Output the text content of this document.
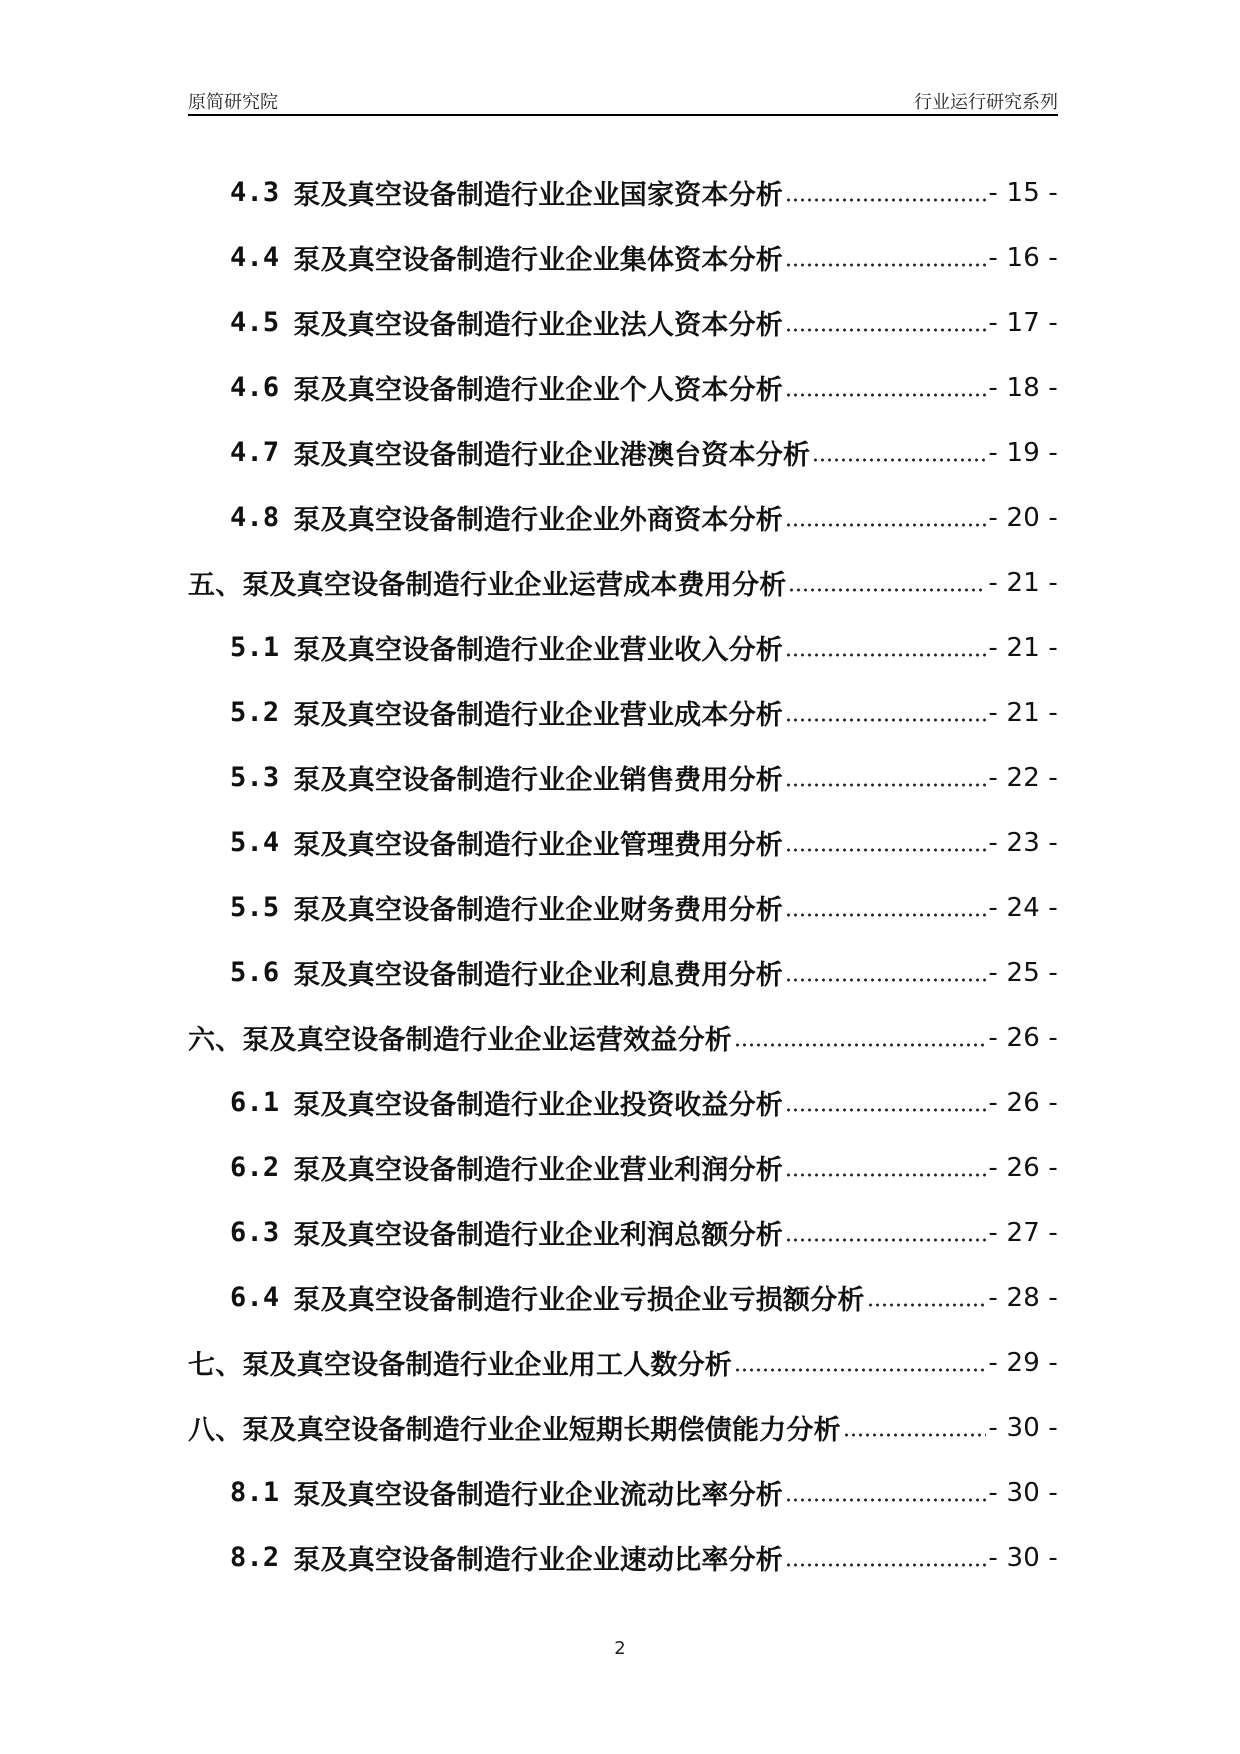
原简研究院	行业运行研究系列
4.3 泵及真空设备制造行业企业国家资本分析	- 15 -
4.4 泵及真空设备制造行业企业集体资本分析	- 16 -
4.5 泵及真空设备制造行业企业法人资本分析	- 17 -
4.6 泵及真空设备制造行业企业个人资本分析	- 18 -
4.7 泵及真空设备制造行业企业港澳台资本分析	- 19 -
4.8 泵及真空设备制造行业企业外商资本分析	- 20 -
五、泵及真空设备制造行业企业运营成本费用分析	- 21 -
5.1 泵及真空设备制造行业企业营业收入分析	- 21 -
5.2 泵及真空设备制造行业企业营业成本分析	- 21 -
5.3 泵及真空设备制造行业企业销售费用分析	- 22 -
5.4 泵及真空设备制造行业企业管理费用分析	- 23 -
5.5 泵及真空设备制造行业企业财务费用分析	- 24 -
5.6 泵及真空设备制造行业企业利息费用分析	- 25 -
六、泵及真空设备制造行业企业运营效益分析	- 26 -
6.1 泵及真空设备制造行业企业投资收益分析	- 26 -
6.2 泵及真空设备制造行业企业营业利润分析	- 26 -
6.3 泵及真空设备制造行业企业利润总额分析	- 27 -
6.4 泵及真空设备制造行业企业亏损企业亏损额分析	- 28 -
七、泵及真空设备制造行业企业用工人数分析	- 29 -
八、泵及真空设备制造行业企业短期长期偿债能力分析	- 30 -
8.1 泵及真空设备制造行业企业流动比率分析	- 30 -
8.2 泵及真空设备制造行业企业速动比率分析	- 30 -
2
